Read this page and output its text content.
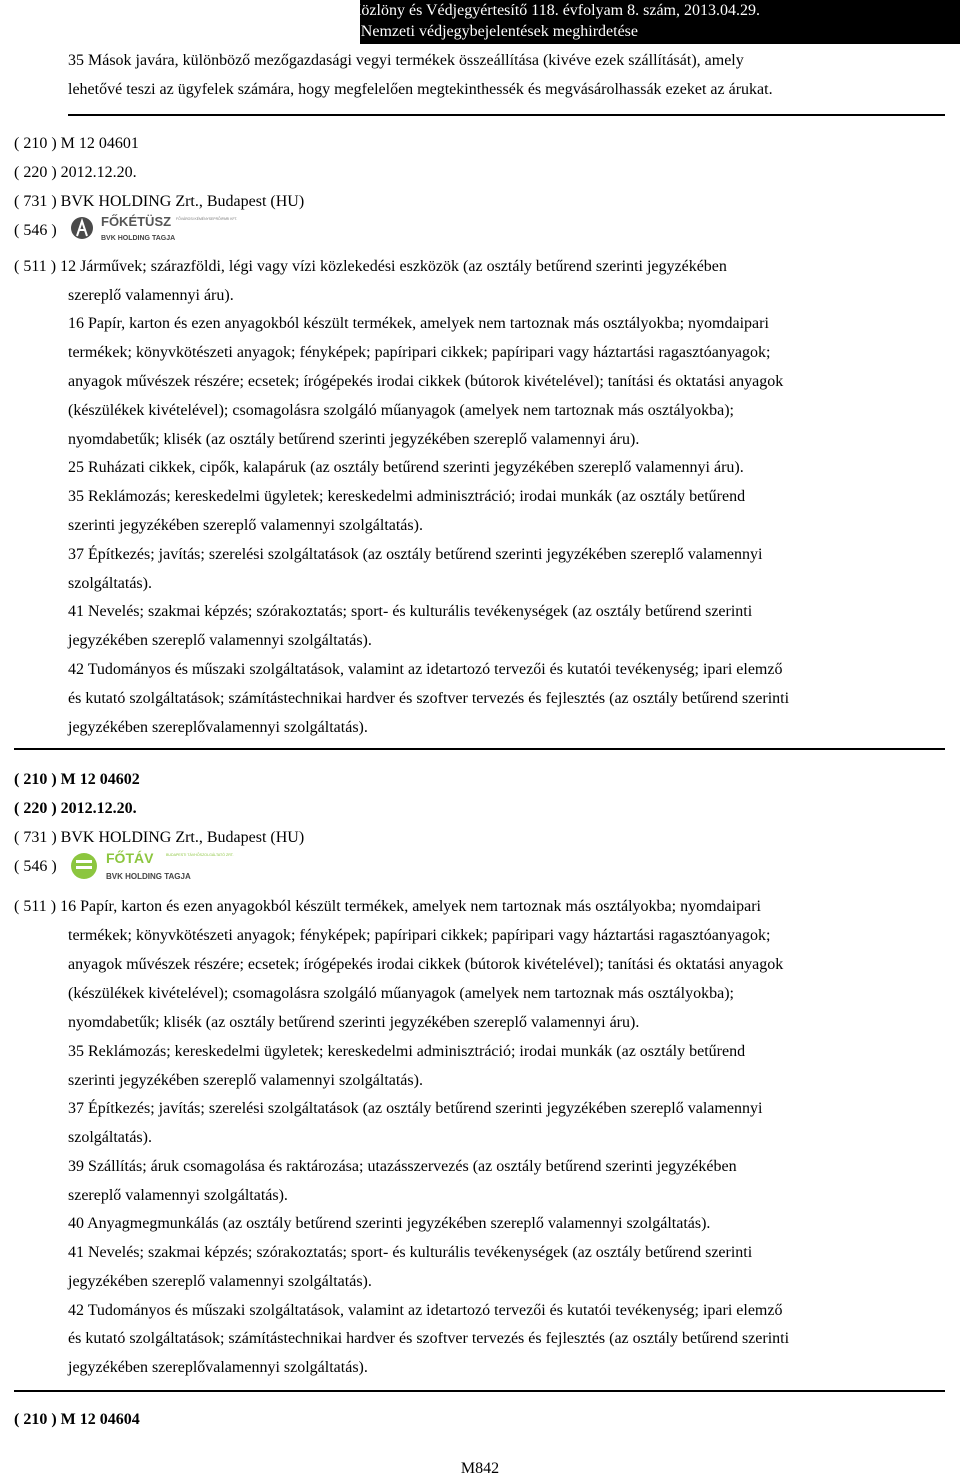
Szabadalmi Közlöny és Védjegyértesítő 118. évfolyam 8. szám, 2013.04.29.
Nemzeti védjegybejelentések meghirdetése
35 Mások javára, különböző mezőgazdasági vegyi termékek összeállítása (kivéve ezek szállítását), amely
lehetővé teszi az ügyfelek számára, hogy megfelelően megtekinthessék és megvásárolhassák ezeket az árukat.
( 210 ) M 12 04601
( 220 ) 2012.12.20.
( 731 ) BVK HOLDING Zrt., Budapest (HU)
( 546 )
FŐKÉTÜSZ FŐVÁROSI KÉMÉNYSEPRŐIPARI KFT.
BVK HOLDING TAGJA
( 511 ) 12 Járművek; szárazföldi, légi vagy vízi közlekedési eszközök (az osztály betűrend szerinti jegyzékében
szereplő valamennyi áru).
16 Papír, karton és ezen anyagokból készült termékek, amelyek nem tartoznak más osztályokba; nyomdaipari
termékek; könyvkötészeti anyagok; fényképek; papíripari cikkek; papíripari vagy háztartási ragasztóanyagok;
anyagok művészek részére; ecsetek; írógépekés irodai cikkek (bútorok kivételével); tanítási és oktatási anyagok
(készülékek kivételével); csomagolásra szolgáló műanyagok (amelyek nem tartoznak más osztályokba);
nyomdabetűk; klisék (az osztály betűrend szerinti jegyzékében szereplő valamennyi áru).
25 Ruházati cikkek, cipők, kalapáruk (az osztály betűrend szerinti jegyzékében szereplő valamennyi áru).
35 Reklámozás; kereskedelmi ügyletek; kereskedelmi adminisztráció; irodai munkák (az osztály betűrend
szerinti jegyzékében szereplő valamennyi szolgáltatás).
37 Építkezés; javítás; szerelési szolgáltatások (az osztály betűrend szerinti jegyzékében szereplő valamennyi
szolgáltatás).
41 Nevelés; szakmai képzés; szórakoztatás; sport- és kulturális tevékenységek (az osztály betűrend szerinti
jegyzékében szereplő valamennyi szolgáltatás).
42 Tudományos és műszaki szolgáltatások, valamint az idetartozó tervezői és kutatói tevékenység; ipari elemző
és kutató szolgáltatások; számítástechnikai hardver és szoftver tervezés és fejlesztés (az osztály betűrend szerinti
jegyzékében szereplővalamennyi szolgáltatás).
( 210 ) M 12 04602
( 220 ) 2012.12.20.
( 731 ) BVK HOLDING Zrt., Budapest (HU)
( 546 )	FŐTÁV	BUDAPESTI TÁVHŐSZOLGÁLTATÓ ZRT.
BVK HOLDING TAGJA
( 511 ) 16 Papír, karton és ezen anyagokból készült termékek, amelyek nem tartoznak más osztályokba; nyomdaipari
termékek; könyvkötészeti anyagok; fényképek; papíripari cikkek; papíripari vagy háztartási ragasztóanyagok;
anyagok művészek részére; ecsetek; írógépekés irodai cikkek (bútorok kivételével); tanítási és oktatási anyagok
(készülékek kivételével); csomagolásra szolgáló műanyagok (amelyek nem tartoznak más osztályokba);
nyomdabetűk; klisék (az osztály betűrend szerinti jegyzékében szereplő valamennyi áru).
35 Reklámozás; kereskedelmi ügyletek; kereskedelmi adminisztráció; irodai munkák (az osztály betűrend
szerinti jegyzékében szereplő valamennyi szolgáltatás).
37 Építkezés; javítás; szerelési szolgáltatások (az osztály betűrend szerinti jegyzékében szereplő valamennyi
szolgáltatás).
39 Szállítás; áruk csomagolása és raktározása; utazásszervezés (az osztály betűrend szerinti jegyzékében
szereplő valamennyi szolgáltatás).
40 Anyagmegmunkálás (az osztály betűrend szerinti jegyzékében szereplő valamennyi szolgáltatás).
41 Nevelés; szakmai képzés; szórakoztatás; sport- és kulturális tevékenységek (az osztály betűrend szerinti
jegyzékében szereplő valamennyi szolgáltatás).
42 Tudományos és műszaki szolgáltatások, valamint az idetartozó tervezői és kutatói tevékenység; ipari elemző
és kutató szolgáltatások; számítástechnikai hardver és szoftver tervezés és fejlesztés (az osztály betűrend szerinti
jegyzékében szereplővalamennyi szolgáltatás).
( 210 ) M 12 04604
M842
